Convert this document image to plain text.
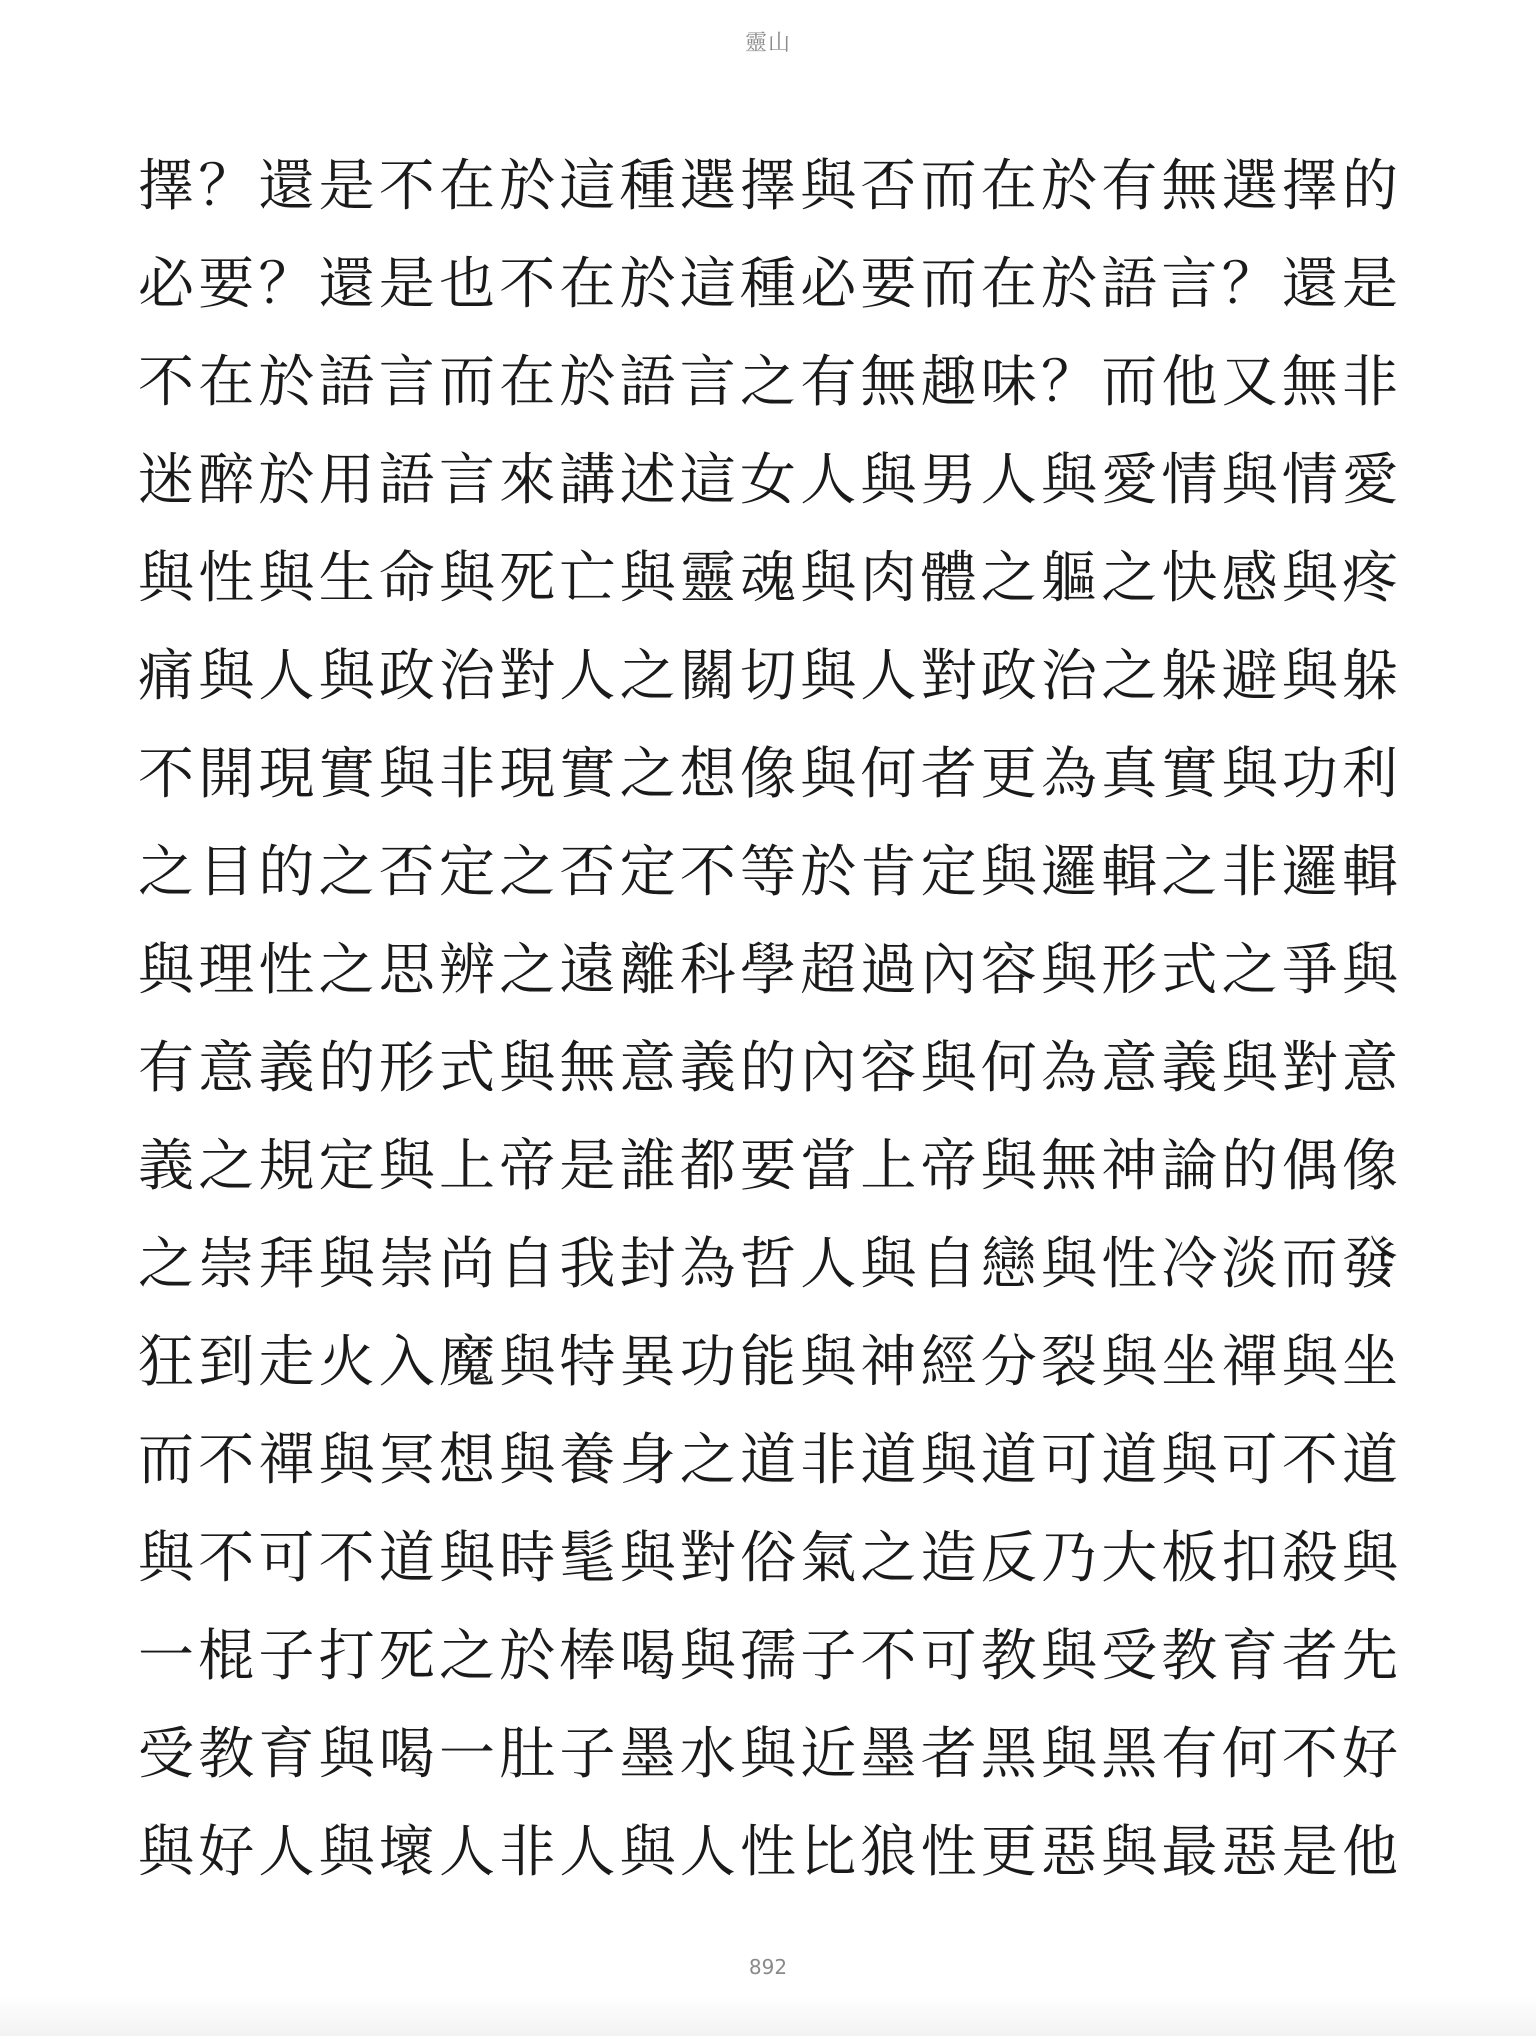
靈山
擇？還是不在於這種選擇與否而在於有無選擇的
必要？還是也不在於這種必要而在於語言？還是
不在於語言而在於語言之有無趣味？而他又無非
迷醉於用語言來講述這女人與男人與愛情與情愛
與性與生命與死亡與靈魂與肉體之軀之快感與疼
痛與人與政治對人之關切與人對政治之躲避與躲
不開現實與非現實之想像與何者更為真實與功利
之目的之否定之否定不等於肯定與邏輯之非邏輯
與理性之思辨之遠離科學超過內容與形式之爭與
有意義的形式與無意義的內容與何為意義與對意
義之規定與上帝是誰都要當上帝與無神論的偶像
之崇拜與崇尚自我封為哲人與自戀與性冷淡而發
狂到走火入魔與特異功能與神經分裂與坐禪與坐
而不禪與冥想與養身之道非道與道可道與可不道
與不可不道與時髦與對俗氣之造反乃大板扣殺與
一棍子打死之於棒喝與孺子不可教與受教育者先
受教育與喝一肚子墨水與近墨者黑與黑有何不好
與好人與壞人非人與人性比狼性更惡與最惡是他
892
